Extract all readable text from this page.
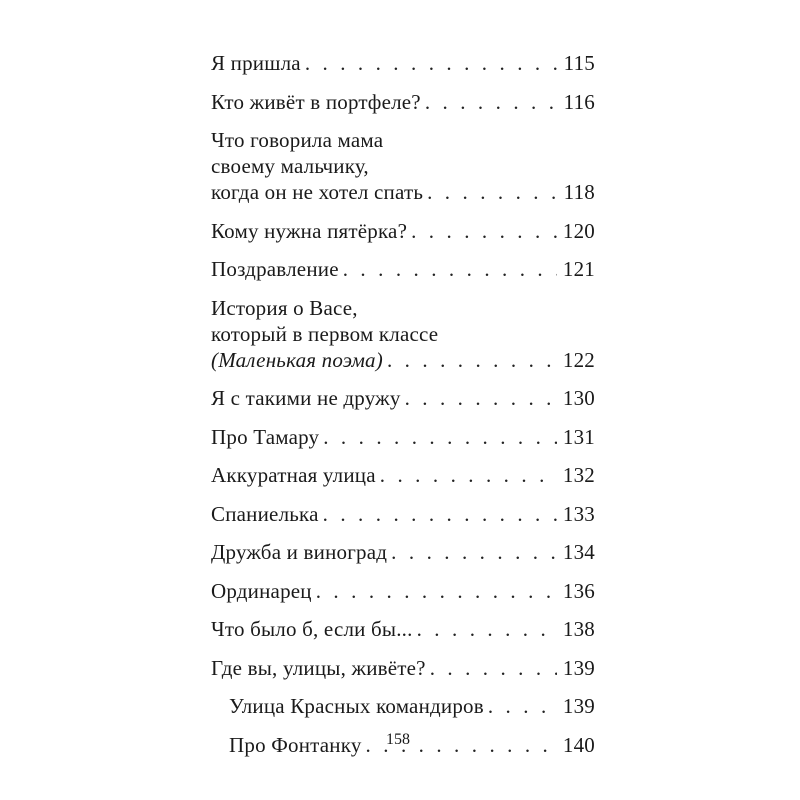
Я пришла . . .	115
Кто живёт в портфеле? . . .	116
Что говорила мама
своему мальчику,
когда он не хотел спать . . .	118
Кому нужна пятёрка? . . .	120
Поздравление . . .	121
История о Васе,
который в первом классе
(Маленькая поэма) . . .	122
Я с такими не дружу . . .	130
Про Тамару . . .	131
Аккуратная улица . . .	132
Спаниелька . . .	133
Дружба и виноград . . .	134
Ординарец . . .	136
Что было б, если бы... . . .	138
Где вы, улицы, живёте? . . .	139
Улица Красных командиров . . .	139
Про Фонтанку . . .	140
158
